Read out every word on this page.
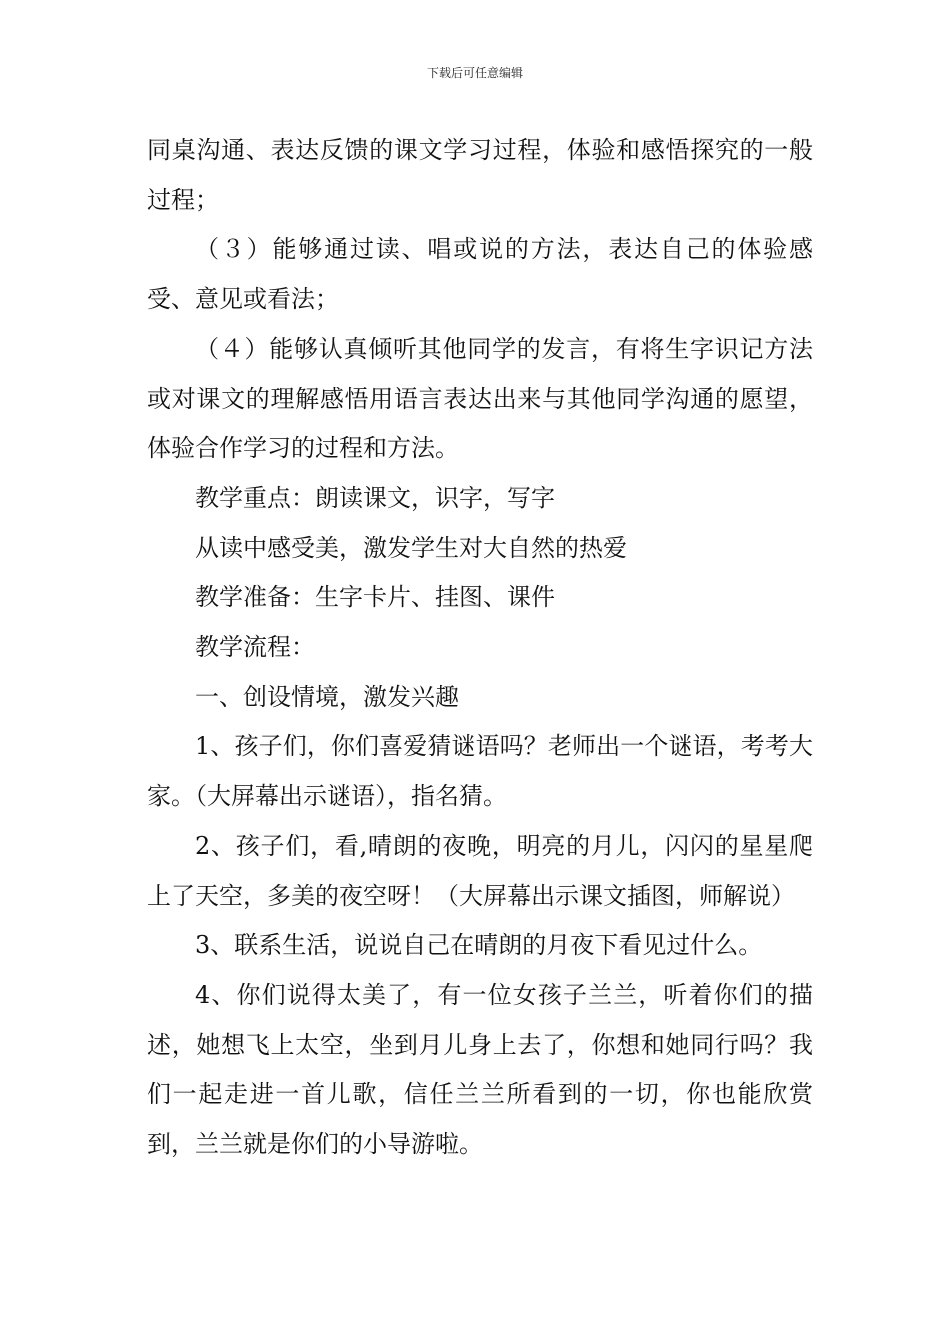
下载后可任意编辑

同桌沟通、表达反馈的课文学习过程，体验和感悟探究的一般过程；

（３）能够通过读、唱或说的方法，表达自己的体验感受、意见或看法；

（４）能够认真倾听其他同学的发言，有将生字识记方法或对课文的理解感悟用语言表达出来与其他同学沟通的愿望，体验合作学习的过程和方法。

教学重点：朗读课文，识字，写字

从读中感受美，激发学生对大自然的热爱

教学准备：生字卡片、挂图、课件

教学流程：

一、创设情境，激发兴趣

1、孩子们，你们喜爱猜谜语吗？老师出一个谜语，考考大家。（大屏幕出示谜语），指名猜。

2、孩子们，看,晴朗的夜晚，明亮的月儿，闪闪的星星爬上了天空，多美的夜空呀！（大屏幕出示课文插图，师解说）

3、联系生活，说说自己在晴朗的月夜下看见过什么。

4、你们说得太美了，有一位女孩子兰兰，听着你们的描述，她想飞上太空，坐到月儿身上去了，你想和她同行吗？我们一起走进一首儿歌，信任兰兰所看到的一切，你也能欣赏到，兰兰就是你们的小导游啦。
